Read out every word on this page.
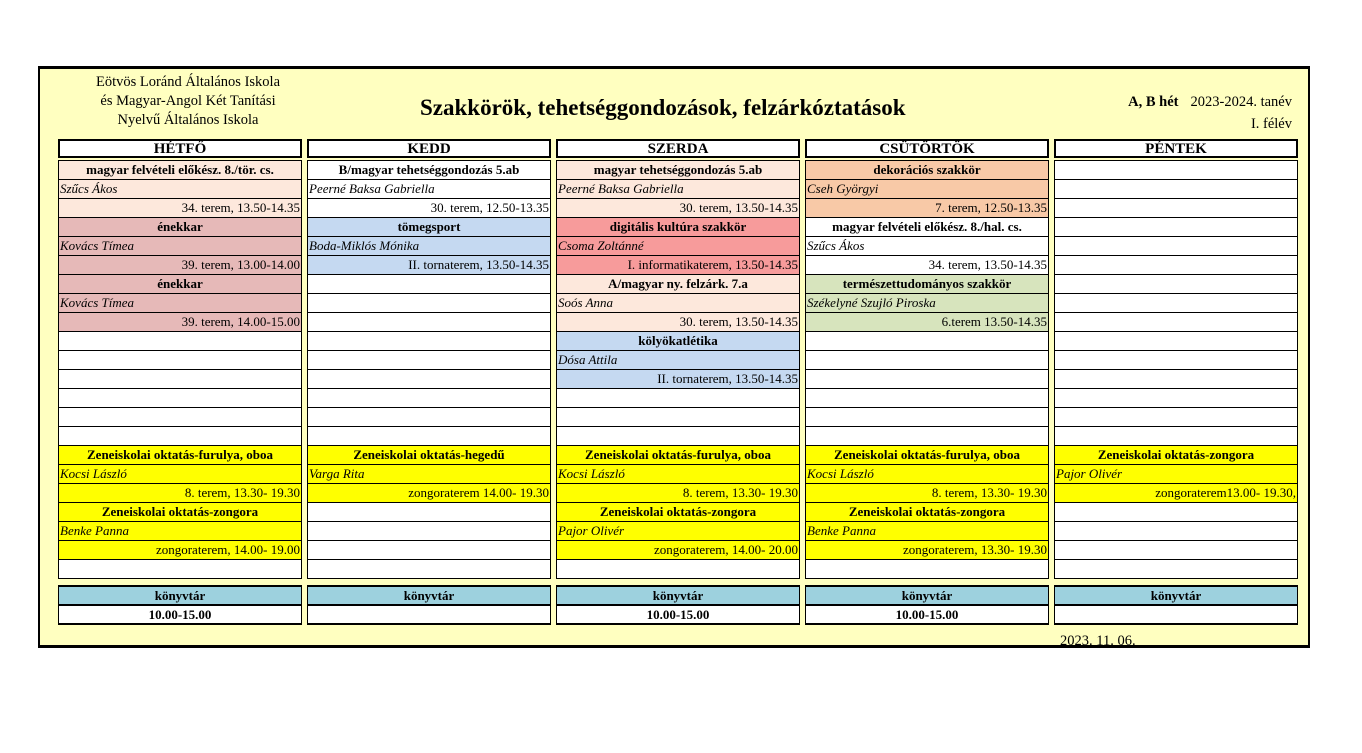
Eötvös Loránd Általános Iskola
és Magyar-Angol Két Tanítási
Nyelvű Általános Iskola	Szakkörök, tehetséggondozások, felzárkóztatások	A, B hét 2023-2024. tanév
I. félév
HÉTFŐ
magyar felvételi előkész. 8./tör. cs.
Szűcs Ákos
34. terem, 13.50-14.35
énekkar
Kovács Tímea
39. terem, 13.00-14.00
énekkar
Kovács Tímea
39. terem, 14.00-15.00
Zeneiskolai oktatás-furulya, oboa
Kocsi László
8. terem, 13.30- 19.30
Zeneiskolai oktatás-zongora
Benke Panna
zongoraterem, 14.00- 19.00
könyvtár
10.00-15.00
KEDD
B/magyar tehetséggondozás 5.ab
Peerné Baksa Gabriella
30. terem, 12.50-13.35
tömegsport
Boda-Miklós Mónika
II. tornaterem, 13.50-14.35
Zeneiskolai oktatás-hegedű
Varga Rita
zongoraterem 14.00- 19.30
könyvtár
SZERDA
magyar tehetséggondozás 5.ab
Peerné Baksa Gabriella
30. terem, 13.50-14.35
digitális kultúra szakkör
Csoma Zoltánné
I. informatikaterem, 13.50-14.35
A/magyar ny. felzárk. 7.a
Soós Anna
30. terem, 13.50-14.35
kölyökatlétika
Dósa Attila
II. tornaterem, 13.50-14.35
Zeneiskolai oktatás-furulya, oboa
Kocsi László
8. terem, 13.30- 19.30
Zeneiskolai oktatás-zongora
Pajor Olivér
zongoraterem, 14.00- 20.00
könyvtár
10.00-15.00
CSÜTÖRTÖK
dekorációs szakkör
Cseh Györgyi
7. terem, 12.50-13.35
magyar felvételi előkész. 8./hal. cs.
Szűcs Ákos
34. terem, 13.50-14.35
természettudományos szakkör
Székelyné Szujló Piroska
6.terem 13.50-14.35
Zeneiskolai oktatás-furulya, oboa
Kocsi László
8. terem, 13.30- 19.30
Zeneiskolai oktatás-zongora
Benke Panna
zongoraterem, 13.30- 19.30
könyvtár
10.00-15.00
PÉNTEK
Zeneiskolai oktatás-zongora
Pajor Olivér
zongoraterem13.00- 19.30,
könyvtár
2023. 11. 06.
